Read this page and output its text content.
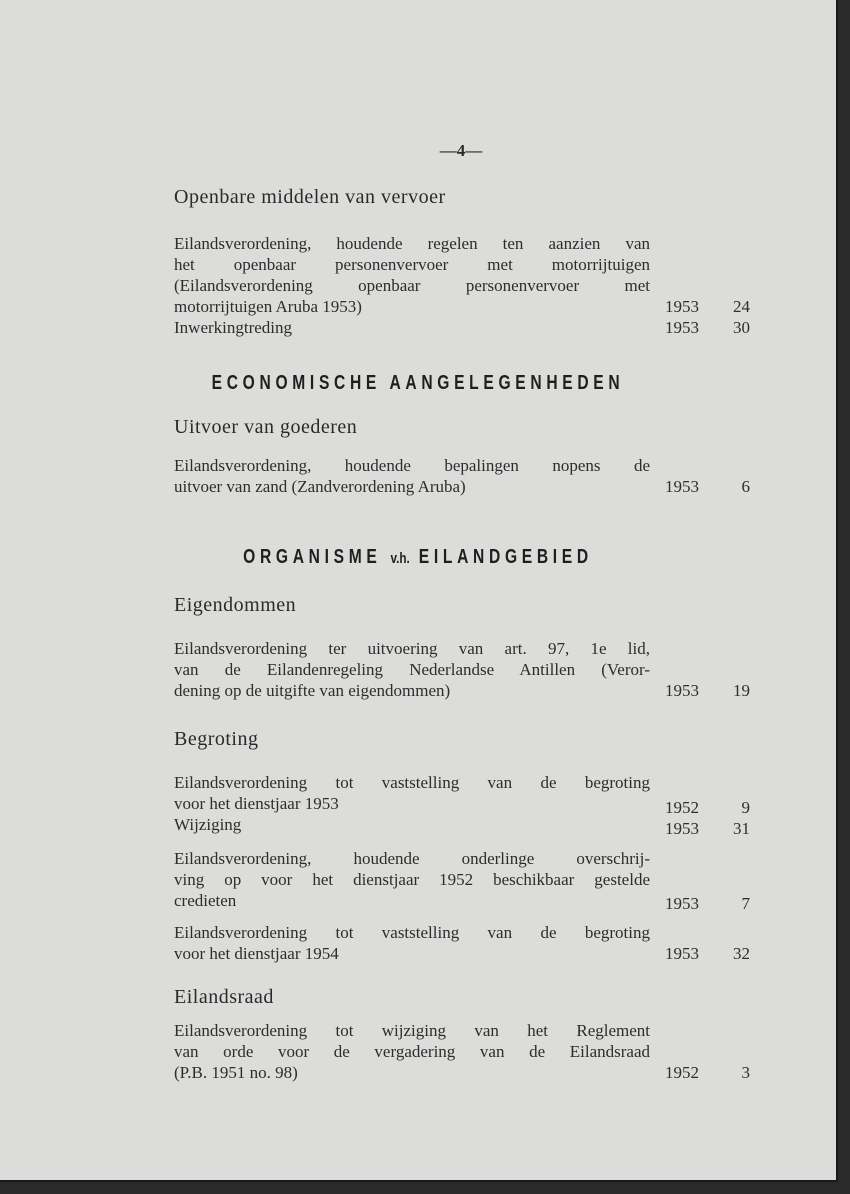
—4—
Openbare middelen van vervoer
Eilandsverordening, houdende regelen ten aanzien van
het openbaar personenvervoer met motorrijtuigen
(Eilandsverordening openbaar personenvervoer met
motorrijtuigen Aruba 1953)	1953	24
Inwerkingtreding	1953	30
ECONOMISCHE AANGELEGENHEDEN
Uitvoer van goederen
Eilandsverordening, houdende bepalingen nopens de
uitvoer van zand (Zandverordening Aruba)	1953	6
ORGANISME v.h. EILANDGEBIED
Eigendommen
Eilandsverordening ter uitvoering van art. 97, 1e lid,
van de Eilandenregeling Nederlandse Antillen (Veror-
dening op de uitgifte van eigendommen)	1953	19
Begroting
Eilandsverordening tot vaststelling van de begroting
voor het dienstjaar 1953	1952	9
Wijziging	1953	31
Eilandsverordening, houdende onderlinge overschrij-
ving op voor het dienstjaar 1952 beschikbaar gestelde
credieten	1953	7
Eilandsverordening tot vaststelling van de begroting
voor het dienstjaar 1954	1953	32
Eilandsraad
Eilandsverordening tot wijziging van het Reglement
van orde voor de vergadering van de Eilandsraad
(P.B. 1951 no. 98)	1952	3
